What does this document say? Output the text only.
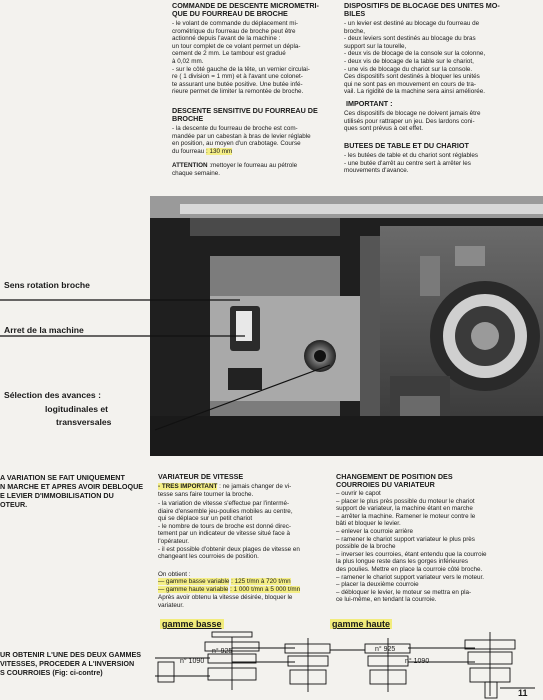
COMMANDE DE DESCENTE MICROMETRI-
QUE DU FOURREAU DE BROCHE
- le volant de commande du déplacement mi-
crométrique du fourreau de broche peut être
actionné depuis l'avant de la machine :
un tour complet de ce volant permet un dépla-
cement de 2 mm. Le tambour est gradué
à 0,02 mm.
- sur le côté gauche de la tête, un vernier circulai-
re ( 1 division = 1 mm) et à l'avant une colonet-
te assurant une butée positive. Une butée infé-
rieure permet de limiter la remontée de broche.
DESCENTE SENSITIVE DU FOURREAU DE
BROCHE
- la descente du fourreau de broche est com-
mandée par un cabestan à bras de levier réglable
en position, au moyen d'un crabotage. Course
du fourreau : 130 mm
ATTENTION :mettoyer le fourreau au pétrole
chaque semaine.
DISPOSITIFS DE BLOCAGE DES UNITES MO-
BILES
- un levier est destiné au blocage du fourreau de
broche,
- deux leviers sont destinés au blocage du bras
support sur la tourelle,
- deux vis de blocage de la console sur la colonne,
- deux vis de blocage de la table sur le chariot,
- une vis de blocage du chariot sur la console.
Ces dispositifs sont destinés à bloquer les unités
qui ne sont pas en mouvement en cours de tra-
vail. La rigidité de la machine sera ainsi améliorée.
IMPORTANT :
Ces dispositifs de blocage ne doivent jamais être
utilisés pour rattraper un jeu. Des lardons coni-
ques sont prévus à cet effet.
BUTEES DE TABLE ET DU CHARIOT
- les butées de table et du chariot sont réglables
- une butée d'arrêt au centre sert à arrêter les
mouvements d'avance.
Sens rotation broche
Arret de la machine
Sélection des avances :
logitudinales et
transversales
A VARIATION SE FAIT UNIQUEMENT
N MARCHE ET APRES AVOIR DEBLOQUE
E LEVIER D'IMMOBILISATION DU
OTEUR.
UR OBTENIR L'UNE DES DEUX GAMMES
VITESSES, PROCEDER A L'INVERSION
S COURROIES (Fig: ci-contre)
VARIATEUR DE VITESSE
- TRES IMPORTANT : ne jamais changer de vi-
tesse sans faire tourner la broche.
- la variation de vitesse s'effectue par l'intermé-
diaire d'ensemble jeu-poulies mobiles au centre,
qui se déplace sur un petit chariot
- le nombre de tours de broche est donné direc-
tement par un indicateur de vitesse situé face à
l'opérateur.
- il est possible d'obtenir deux plages de vitesse en
changeant les courroies de position.
On obtient :
— gamme basse variable : 125 t/mn à 720 t/mn
— gamme haute variable : 1 000 t/mn à 5 000 t/mn
Après avoir obtenu la vitesse désirée, bloquer le
variateur.
CHANGEMENT DE POSITION DES
COURROIES DU VARIATEUR
– ouvrir le capot
– placer le plus près possible du moteur le chariot
support de variateur, la machine étant en marche
– arrêter la machine. Ramener le moteur contre le
bâti et bloquer le levier.
– enlever la courroie arrière
– ramener le chariot support variateur le plus près
possible de la broche
– inverser les courroies, étant entendu que la courroie
la plus longue reste dans les gorges inférieures
des poulies. Mettre en place la courroie côté broche.
– ramener le chariot support variateur vers le moteur.
– placer la deuxième courroie
– débloquer le levier, le moteur se mettra en pla-
ce lui-même, en tendant la courroie.
gamme basse	gamme haute
n° 925
n° 1090
n° 925
n° 1090
11
